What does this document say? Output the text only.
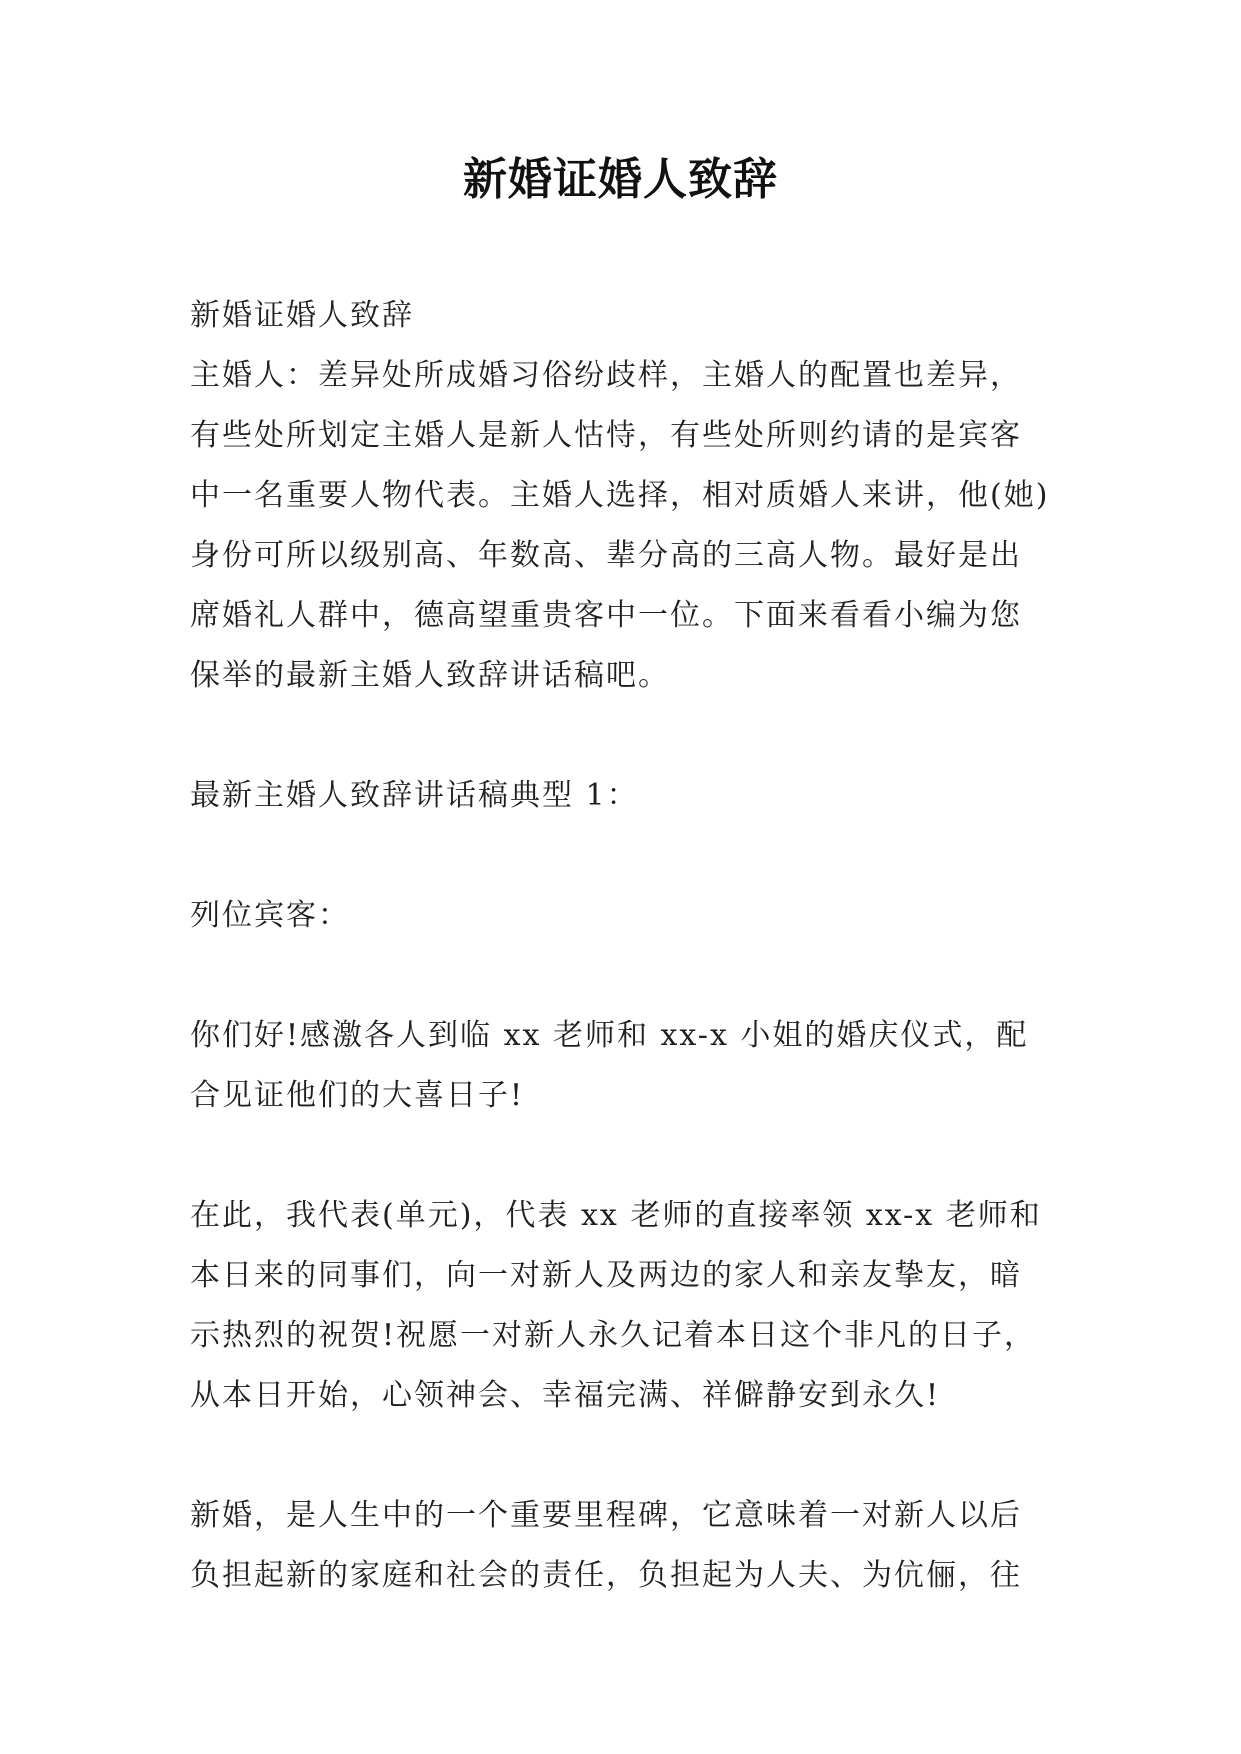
新婚证婚人致辞
新婚证婚人致辞
主婚人：差异处所成婚习俗纷歧样，主婚人的配置也差异，
有些处所划定主婚人是新人怙恃，有些处所则约请的是宾客
中一名重要人物代表。主婚人选择，相对质婚人来讲，他(她)
身份可所以级别高、年数高、辈分高的三高人物。最好是出
席婚礼人群中，德高望重贵客中一位。下面来看看小编为您
保举的最新主婚人致辞讲话稿吧。
最新主婚人致辞讲话稿典型 1：
列位宾客：
你们好!感激各人到临 xx 老师和 xx-x 小姐的婚庆仪式，配
合见证他们的大喜日子!
在此，我代表(单元)，代表 xx 老师的直接率领 xx-x 老师和
本日来的同事们，向一对新人及两边的家人和亲友挚友，暗
示热烈的祝贺!祝愿一对新人永久记着本日这个非凡的日子，
从本日开始，心领神会、幸福完满、祥僻静安到永久!
新婚，是人生中的一个重要里程碑，它意味着一对新人以后
负担起新的家庭和社会的责任，负担起为人夫、为伉俪，往
